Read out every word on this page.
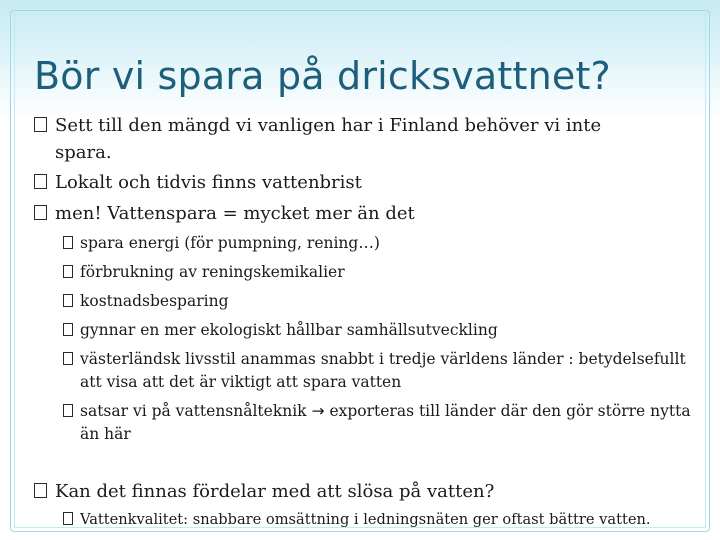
Bör vi spara på dricksvattnet?
Sett till den mängd vi vanligen har i Finland behöver vi inte spara.
Lokalt och tidvis finns vattenbrist
men! Vattenspara = mycket mer än det
spara energi (för pumpning, rening…)
förbrukning av reningskemikalier
kostnadsbesparing
gynnar en mer ekologiskt hållbar samhällsutveckling
västerländsk livsstil anammas snabbt i tredje världens länder : betydelsefullt att visa att det är viktigt att spara vatten
satsar vi på vattensnålteknik → exporteras till länder där den gör större nytta än här
Kan det finnas fördelar med att slösa på vatten?
Vattenkvalitet: snabbare omsättning i ledningsnäten ger oftast bättre vatten.
